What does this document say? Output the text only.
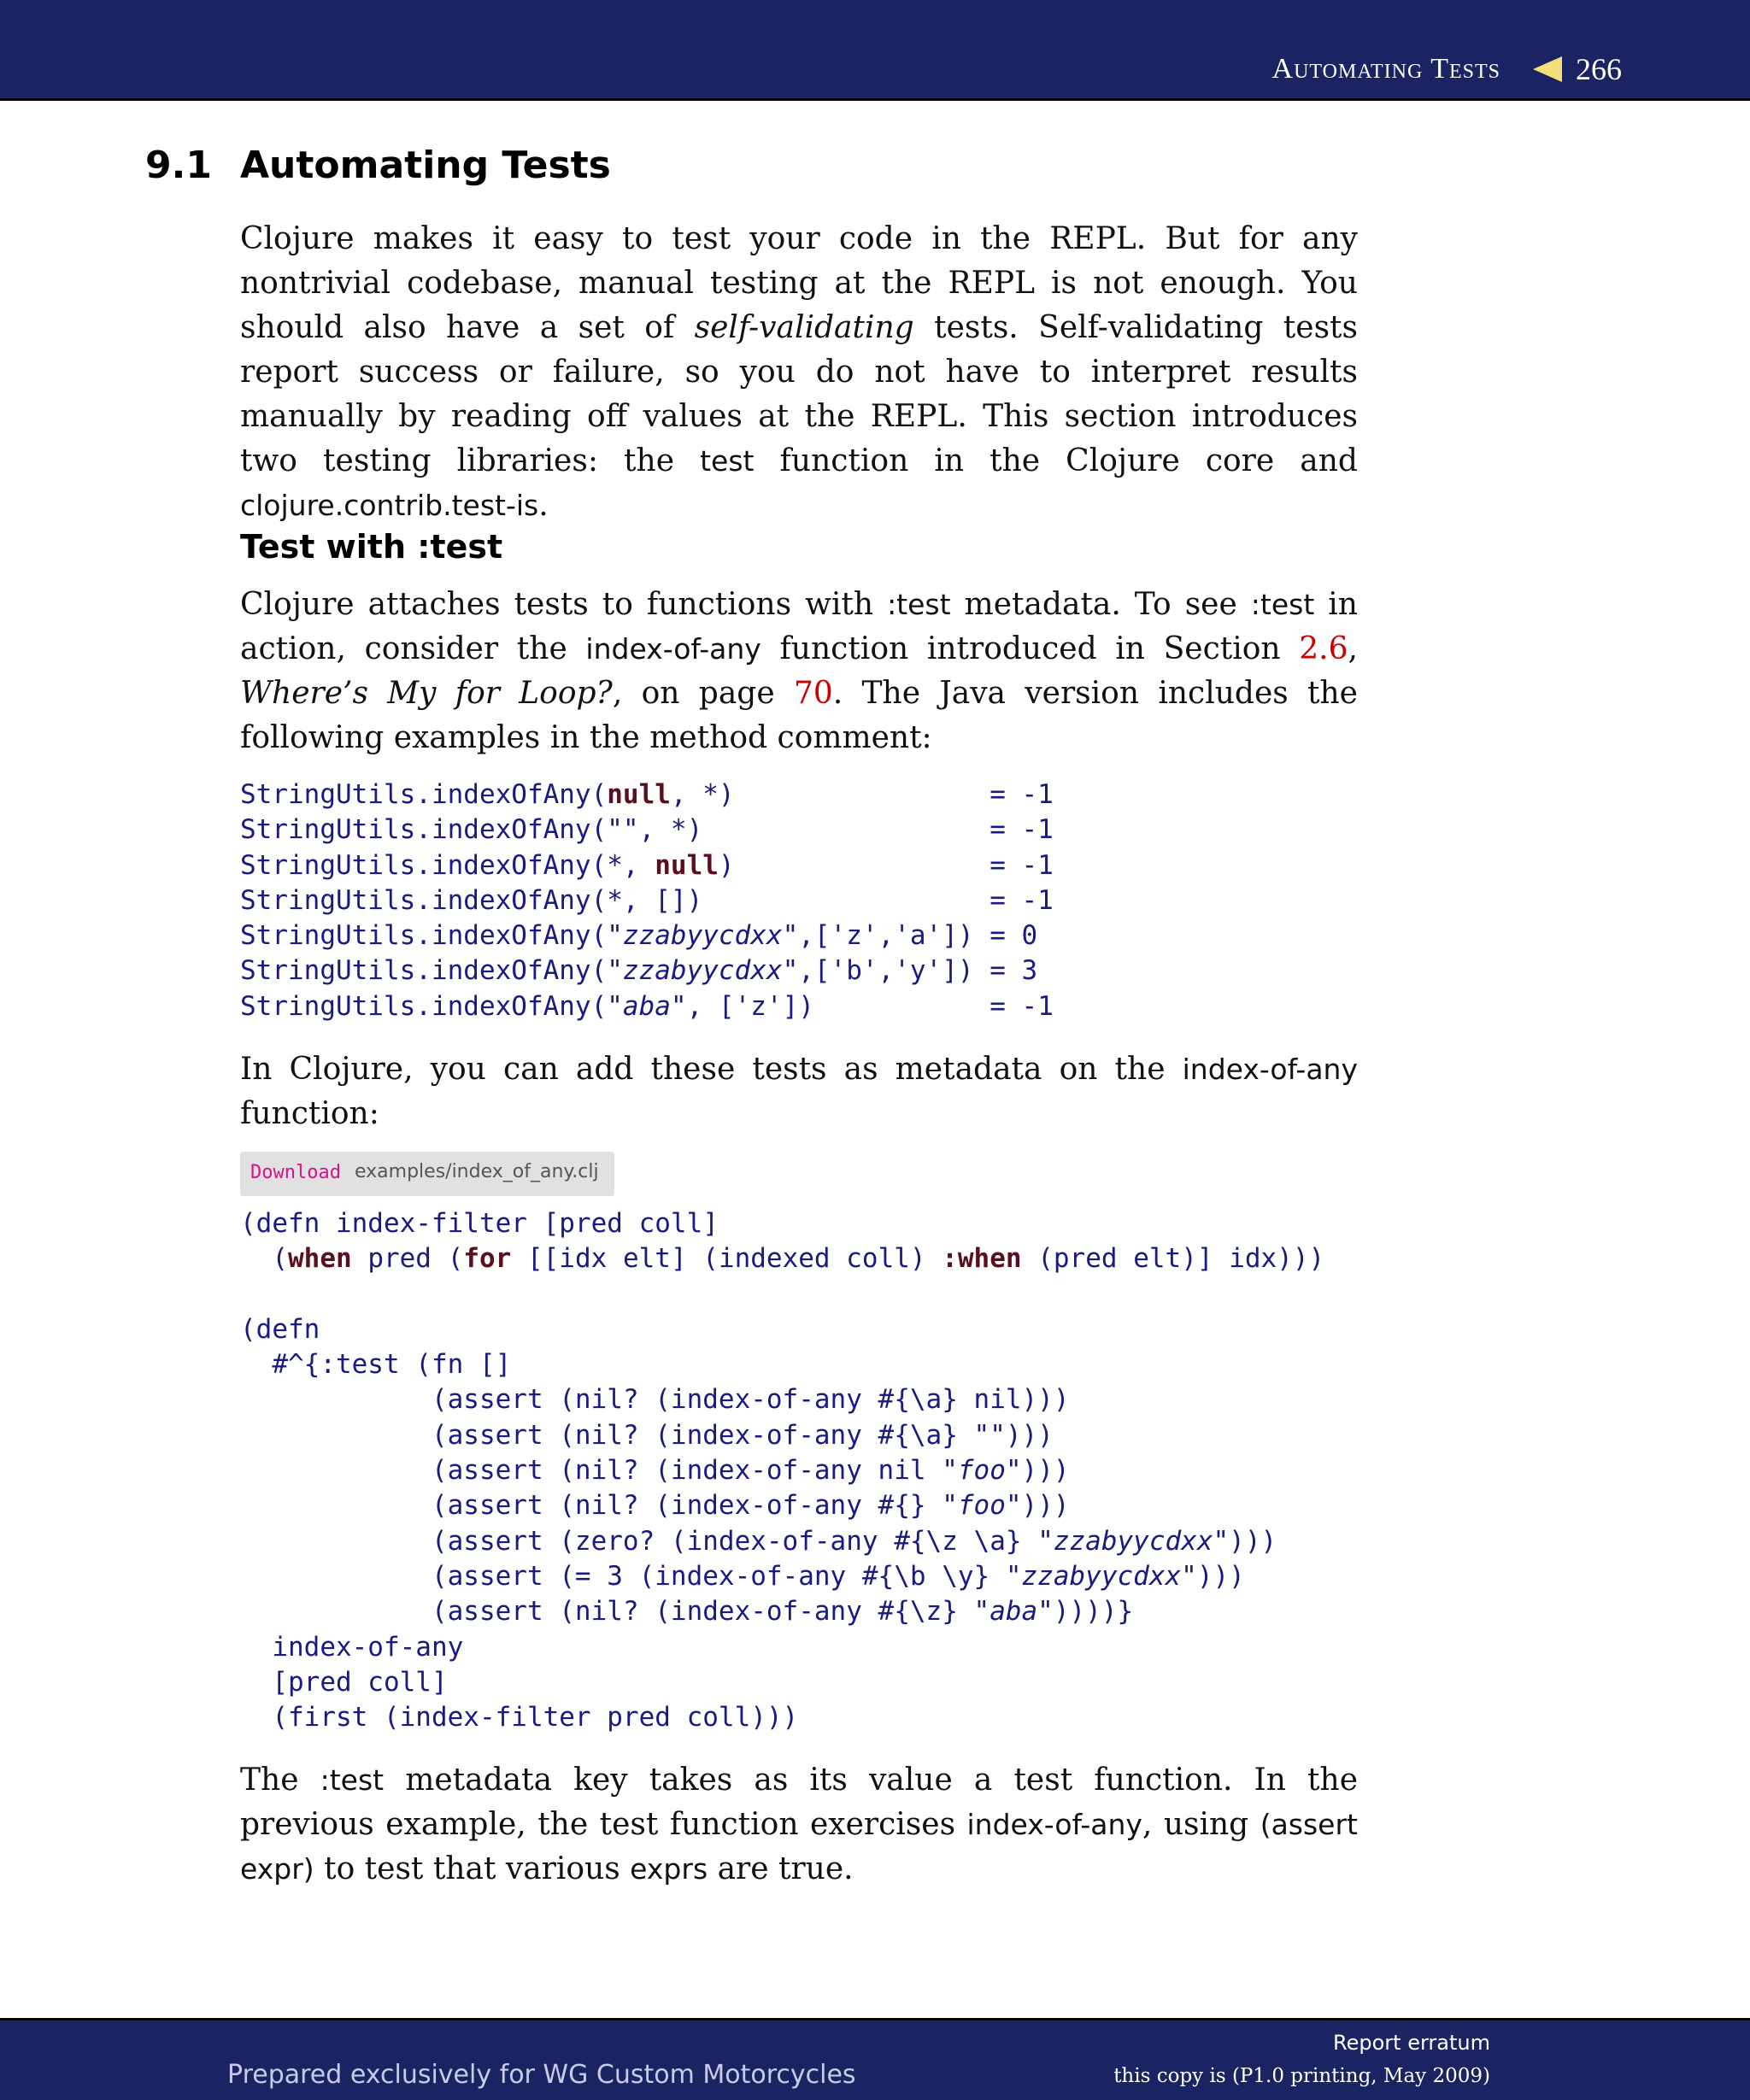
Automating Tests 266
9.1 Automating Tests

Clojure makes it easy to test your code in the REPL. But for any nontrivial codebase, manual testing at the REPL is not enough. You should also have a set of self-validating tests. Self-validating tests report success or failure, so you do not have to interpret results manually by reading off values at the REPL. This section introduces two testing libraries: the test function in the Clojure core and clojure.contrib.test-is.

Test with :test

Clojure attaches tests to functions with :test metadata. To see :test in action, consider the index-of-any function introduced in Section 2.6, Where’s My for Loop?, on page 70. The Java version includes the following examples in the method comment:

StringUtils.indexOfAny(null, *)                = -1
StringUtils.indexOfAny("", *)                  = -1
StringUtils.indexOfAny(*, null)                = -1
StringUtils.indexOfAny(*, [])                  = -1
StringUtils.indexOfAny("zzabyycdxx",['z','a']) = 0
StringUtils.indexOfAny("zzabyycdxx",['b','y']) = 3
StringUtils.indexOfAny("aba", ['z'])           = -1

In Clojure, you can add these tests as metadata on the index-of-any function:

Download examples/index_of_any.clj
(defn index-filter [pred coll]
(when pred (for [[idx elt] (indexed coll) :when (pred elt)] idx)))

(defn
#^{:test (fn []
(assert (nil? (index-of-any #{\a} nil)))
(assert (nil? (index-of-any #{\a} "")))
(assert (nil? (index-of-any nil "foo")))
(assert (nil? (index-of-any #{} "foo")))
(assert (zero? (index-of-any #{\z \a} "zzabyycdxx")))
(assert (= 3 (index-of-any #{\b \y} "zzabyycdxx")))
(assert (nil? (index-of-any #{\z} "aba"))))}
index-of-any
[pred coll]
(first (index-filter pred coll)))

The :test metadata key takes as its value a test function. In the previous example, the test function exercises index-of-any, using (assert expr) to test that various exprs are true.

Prepared exclusively for WG Custom Motorcycles
Report erratum
this copy is (P1.0 printing, May 2009)
